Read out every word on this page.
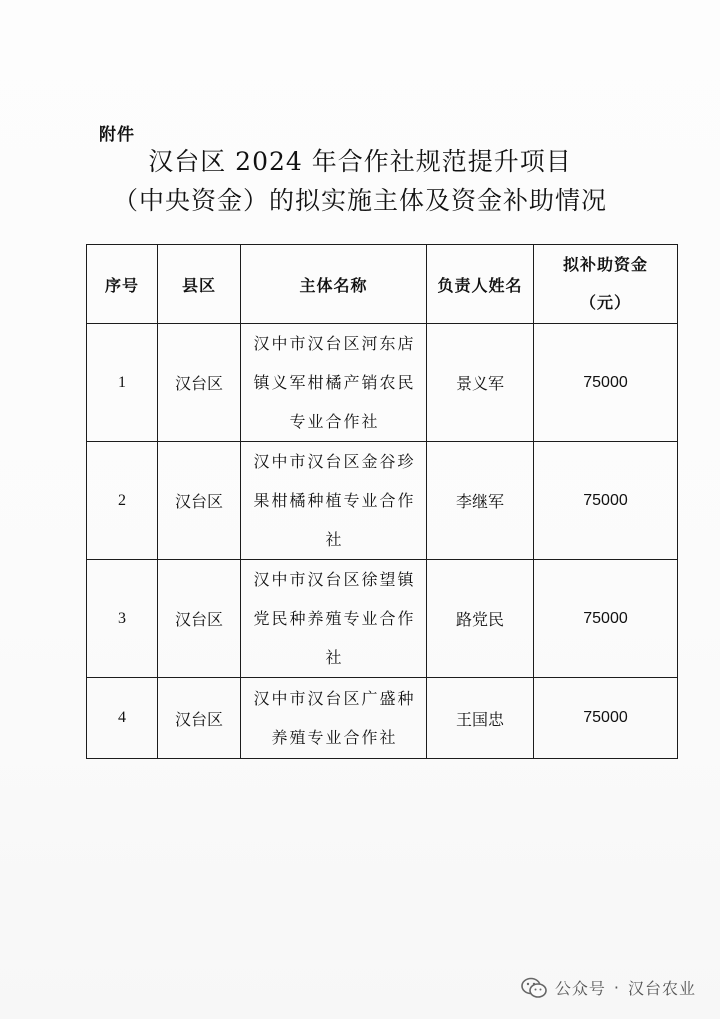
附件
汉台区 2024 年合作社规范提升项目
（中央资金）的拟实施主体及资金补助情况
序号	县区	主体名称	负责人姓名	拟补助资金
（元）
1	汉台区	汉中市汉台区河东店镇义军柑橘产销农民专业合作社	景义军	75000
2	汉台区	汉中市汉台区金谷珍果柑橘种植专业合作社	李继军	75000
3	汉台区	汉中市汉台区徐望镇党民种养殖专业合作社	路党民	75000
4	汉台区	汉中市汉台区广盛种养殖专业合作社	王国忠	75000
公众号 · 汉台农业
